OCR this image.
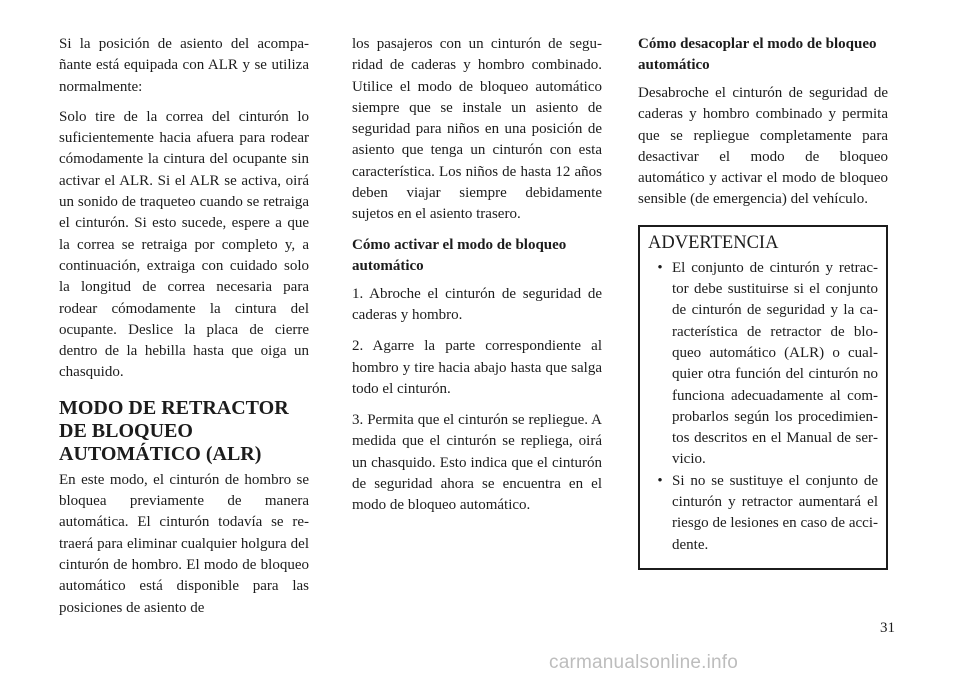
Si la posición de asiento del acompañante está equipada con ALR y se utiliza normalmente:

Solo tire de la correa del cinturón lo suficientemente hacia afuera para rodear cómodamente la cintura del ocupante sin activar el ALR. Si el ALR se activa, oirá un sonido de traqueteo cuando se retraiga el cinturón. Si esto sucede, espere a que la correa se retraiga por completo y, a continuación, extraiga con cuidado solo la longitud de correa necesaria para rodear cómodamente la cintura del ocupante. Deslice la placa de cierre dentro de la hebilla hasta que oiga un chasquido.

MODO DE RETRACTOR DE BLOQUEO AUTOMÁTICO (ALR)

En este modo, el cinturón de hombro se bloquea previamente de manera automática. El cinturón todavía se retraerá para eliminar cualquier holgura del cinturón de hombro. El modo de bloqueo automático está disponible para las posiciones de asiento de

los pasajeros con un cinturón de seguridad de caderas y hombro combinado. Utilice el modo de bloqueo automático siempre que se instale un asiento de seguridad para niños en una posición de asiento que tenga un cinturón con esta característica. Los niños de hasta 12 años deben viajar siempre debidamente sujetos en el asiento trasero.

Cómo activar el modo de bloqueo automático

1. Abroche el cinturón de seguridad de caderas y hombro.

2. Agarre la parte correspondiente al hombro y tire hacia abajo hasta que salga todo el cinturón.

3. Permita que el cinturón se repliegue. A medida que el cinturón se repliega, oirá un chasquido. Esto indica que el cinturón de seguridad ahora se encuentra en el modo de bloqueo automático.

Cómo desacoplar el modo de bloqueo automático

Desabroche el cinturón de seguridad de caderas y hombro combinado y permita que se repliegue completamente para desactivar el modo de bloqueo automático y activar el modo de bloqueo sensible (de emergencia) del vehículo.

ADVERTENCIA
• El conjunto de cinturón y retractor debe sustituirse si el conjunto de cinturón de seguridad y la característica de retractor de bloqueo automático (ALR) o cualquier otra función del cinturón no funciona adecuadamente al comprobarlos según los procedimientos descritos en el Manual de servicio.
• Si no se sustituye el conjunto de cinturón y retractor aumentará el riesgo de lesiones en caso de accidente.
31
carmanualsonline.info
